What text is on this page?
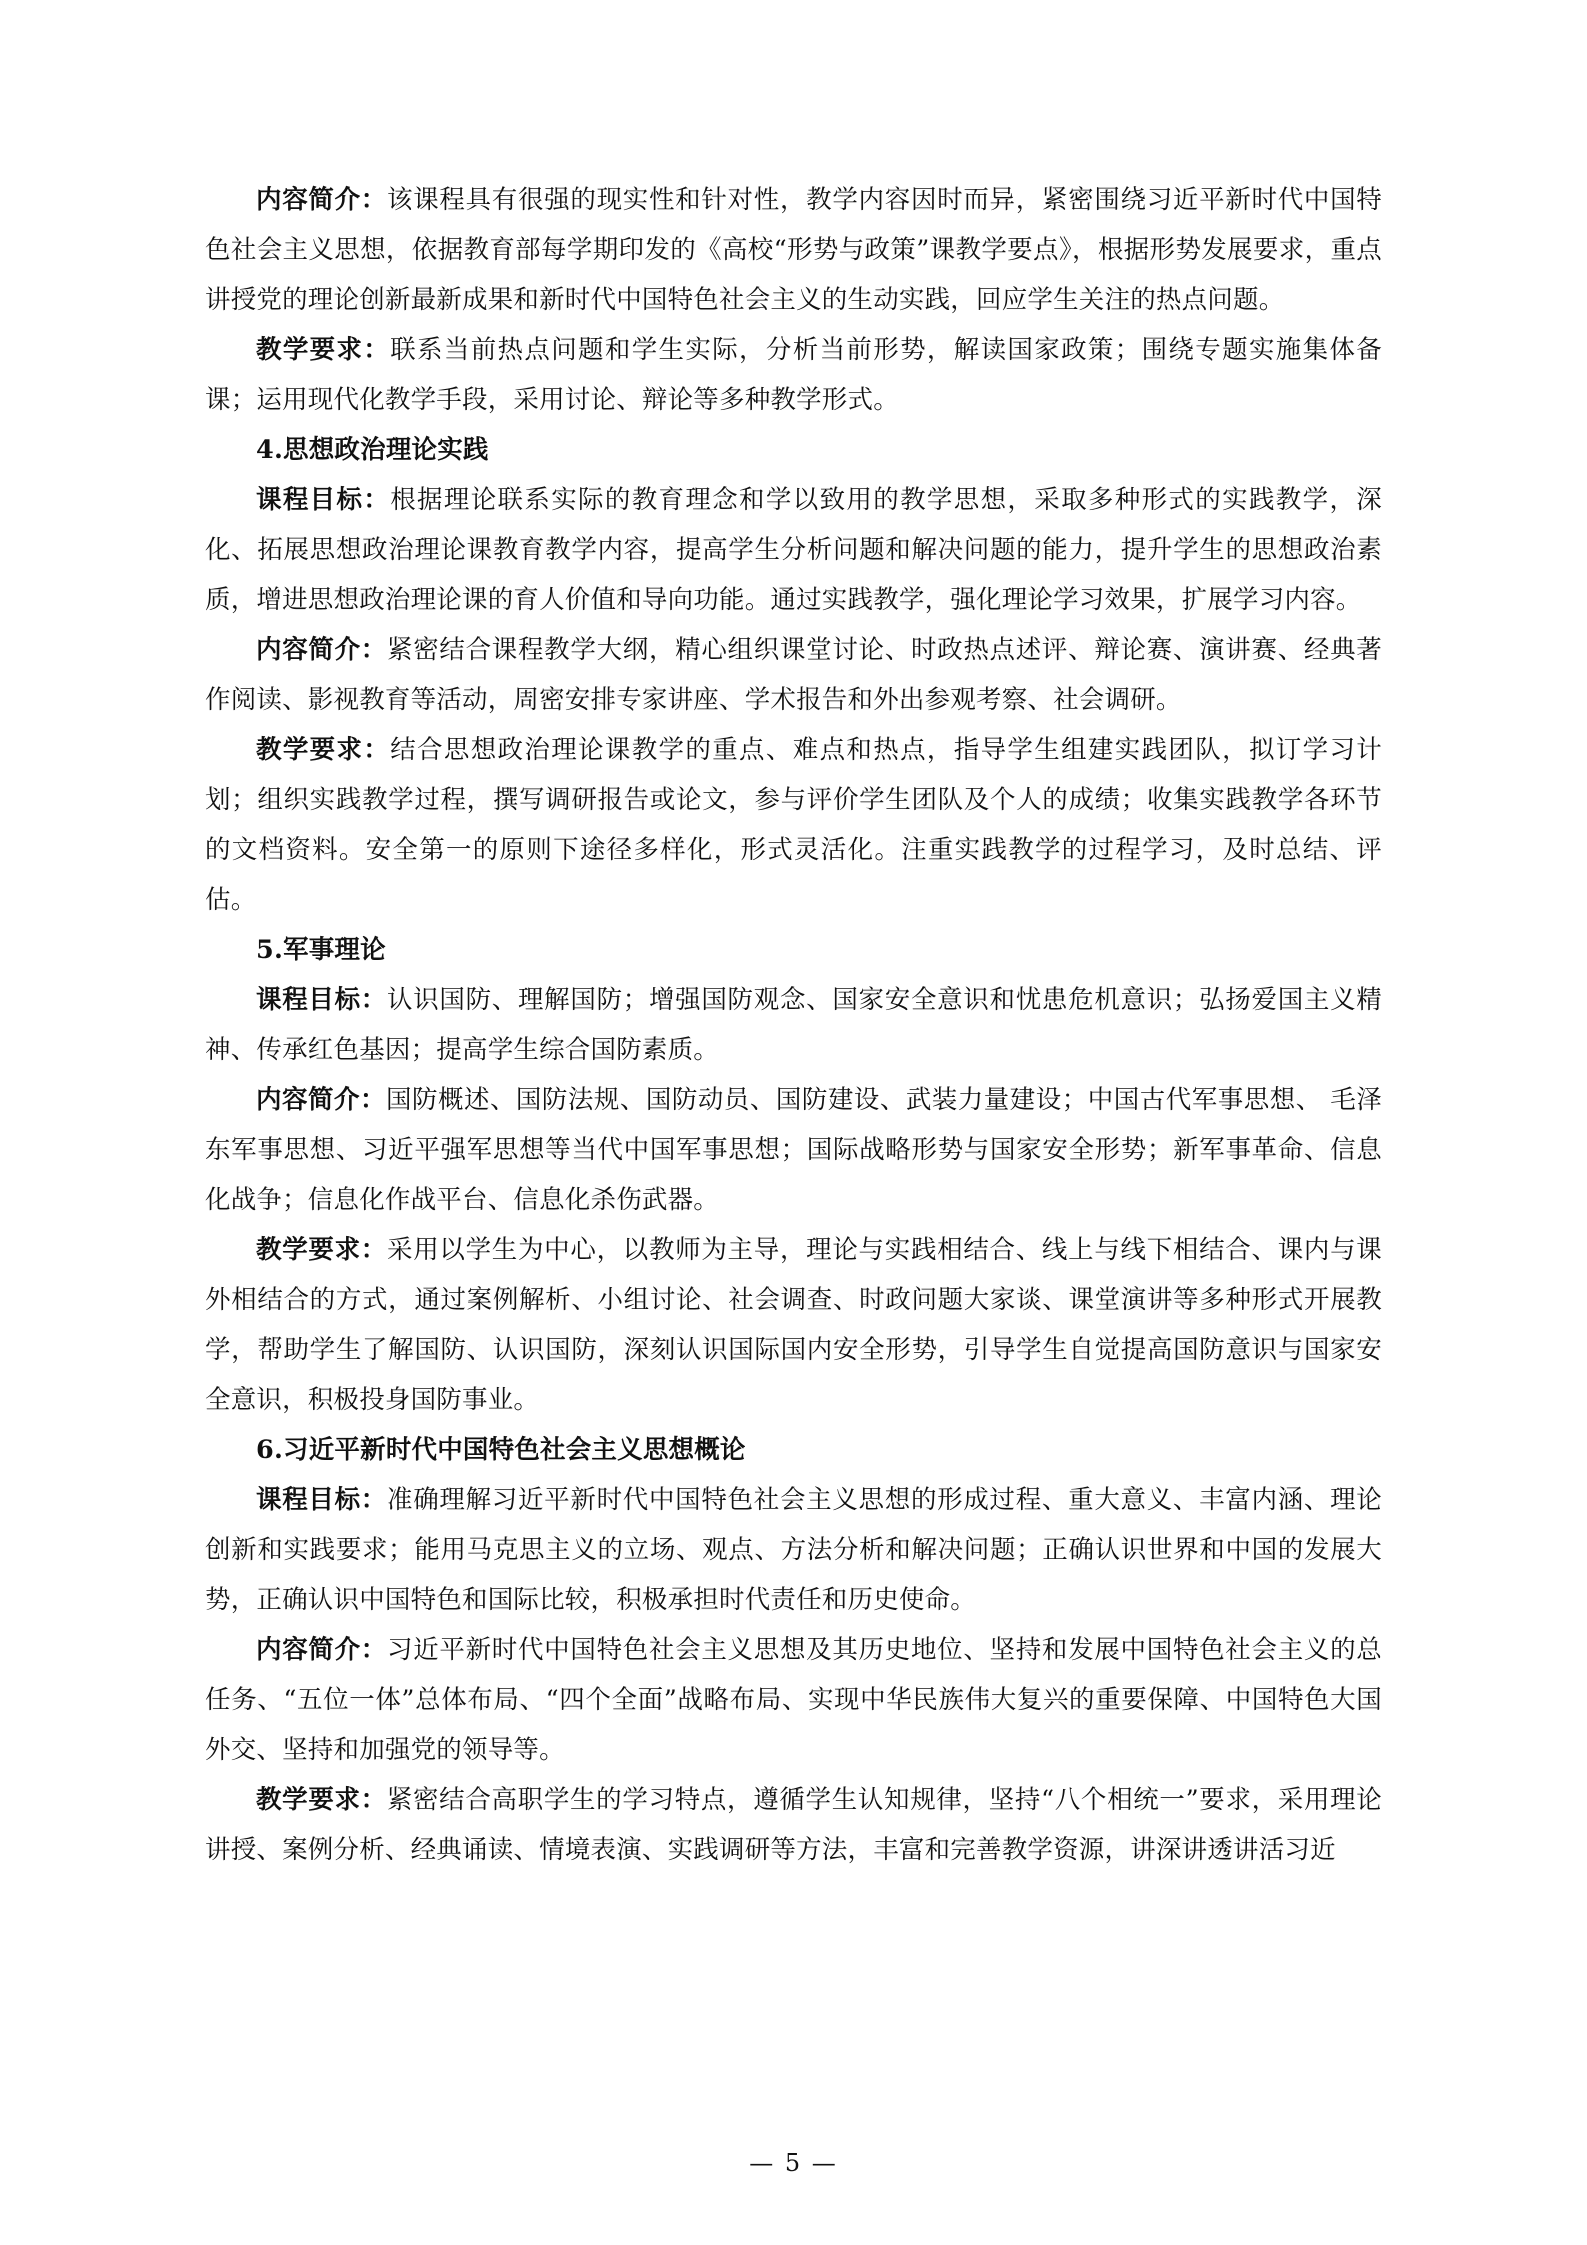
内容简介：该课程具有很强的现实性和针对性，教学内容因时而异，紧密围绕习近平新时代中国特色社会主义思想，依据教育部每学期印发的《高校“形势与政策”课教学要点》，根据形势发展要求，重点讲授党的理论创新最新成果和新时代中国特色社会主义的生动实践，回应学生关注的热点问题。

教学要求：联系当前热点问题和学生实际，分析当前形势，解读国家政策；围绕专题实施集体备课；运用现代化教学手段，采用讨论、辩论等多种教学形式。

4.思想政治理论实践

课程目标：根据理论联系实际的教育理念和学以致用的教学思想，采取多种形式的实践教学，深化、拓展思想政治理论课教育教学内容，提高学生分析问题和解决问题的能力，提升学生的思想政治素质，增进思想政治理论课的育人价值和导向功能。通过实践教学，强化理论学习效果，扩展学习内容。

内容简介：紧密结合课程教学大纲，精心组织课堂讨论、时政热点述评、辩论赛、演讲赛、经典著作阅读、影视教育等活动，周密安排专家讲座、学术报告和外出参观考察、社会调研。

教学要求：结合思想政治理论课教学的重点、难点和热点，指导学生组建实践团队，拟订学习计划；组织实践教学过程，撰写调研报告或论文，参与评价学生团队及个人的成绩；收集实践教学各环节的文档资料。安全第一的原则下途径多样化，形式灵活化。注重实践教学的过程学习，及时总结、评估。

5.军事理论

课程目标：认识国防、理解国防；增强国防观念、国家安全意识和忧患危机意识；弘扬爱国主义精神、传承红色基因；提高学生综合国防素质。

内容简介：国防概述、国防法规、国防动员、国防建设、武装力量建设；中国古代军事思想、 毛泽东军事思想、习近平强军思想等当代中国军事思想；国际战略形势与国家安全形势；新军事革命、信息化战争；信息化作战平台、信息化杀伤武器。

教学要求：采用以学生为中心，以教师为主导，理论与实践相结合、线上与线下相结合、课内与课外相结合的方式，通过案例解析、小组讨论、社会调查、时政问题大家谈、课堂演讲等多种形式开展教学，帮助学生了解国防、认识国防，深刻认识国际国内安全形势，引导学生自觉提高国防意识与国家安全意识，积极投身国防事业。

6.习近平新时代中国特色社会主义思想概论

课程目标：准确理解习近平新时代中国特色社会主义思想的形成过程、重大意义、丰富内涵、理论创新和实践要求；能用马克思主义的立场、观点、方法分析和解决问题；正确认识世界和中国的发展大势，正确认识中国特色和国际比较，积极承担时代责任和历史使命。

内容简介：习近平新时代中国特色社会主义思想及其历史地位、坚持和发展中国特色社会主义的总任务、“五位一体”总体布局、“四个全面”战略布局、实现中华民族伟大复兴的重要保障、中国特色大国外交、坚持和加强党的领导等。

教学要求：紧密结合高职学生的学习特点，遵循学生认知规律，坚持“八个相统一”要求，采用理论讲授、案例分析、经典诵读、情境表演、实践调研等方法，丰富和完善教学资源，讲深讲透讲活习近

— 5 —
